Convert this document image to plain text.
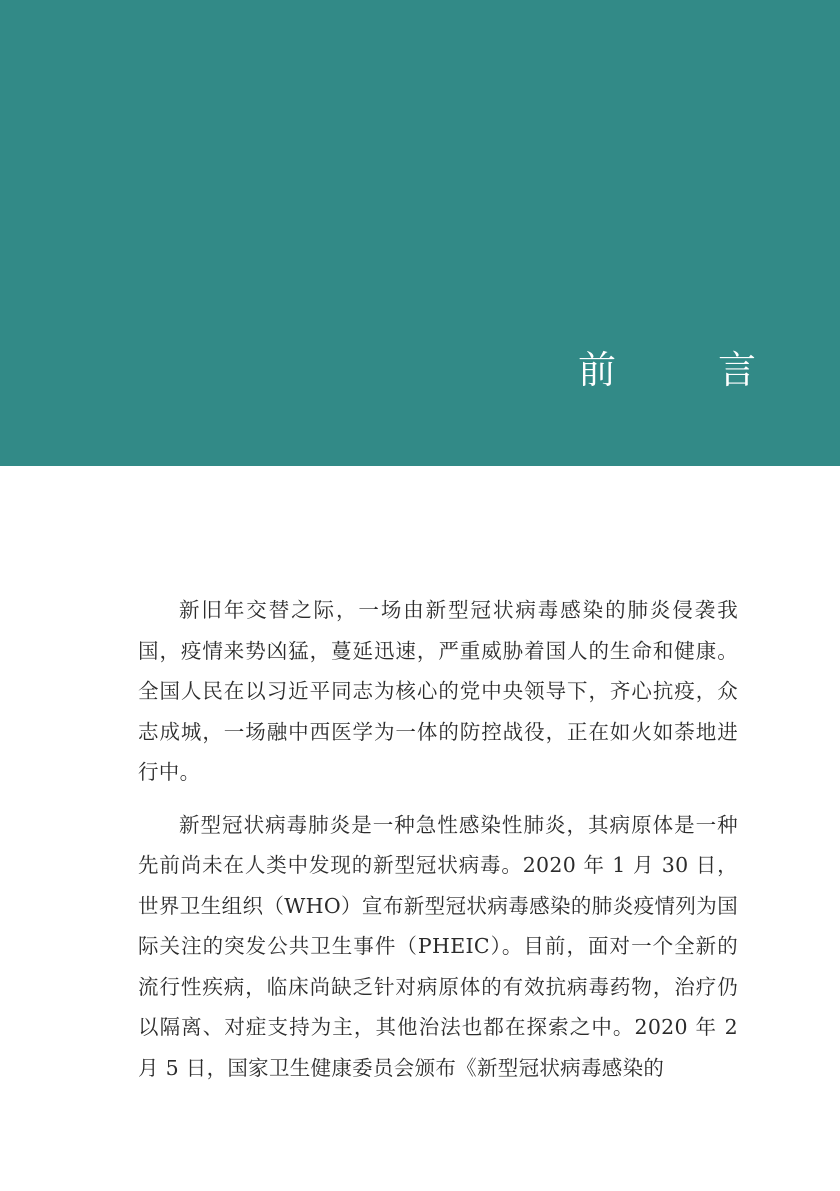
前　言

新旧年交替之际，一场由新型冠状病毒感染的肺炎侵袭我国，疫情来势凶猛，蔓延迅速，严重威胁着国人的生命和健康。全国人民在以习近平同志为核心的党中央领导下，齐心抗疫，众志成城，一场融中西医学为一体的防控战役，正在如火如荼地进行中。

新型冠状病毒肺炎是一种急性感染性肺炎，其病原体是一种先前尚未在人类中发现的新型冠状病毒。2020 年 1 月 30 日，世界卫生组织（WHO）宣布新型冠状病毒感染的肺炎疫情列为国际关注的突发公共卫生事件（PHEIC）。目前，面对一个全新的流行性疾病，临床尚缺乏针对病原体的有效抗病毒药物，治疗仍以隔离、对症支持为主，其他治法也都在探索之中。2020 年 2 月 5 日，国家卫生健康委员会颁布《新型冠状病毒感染的
